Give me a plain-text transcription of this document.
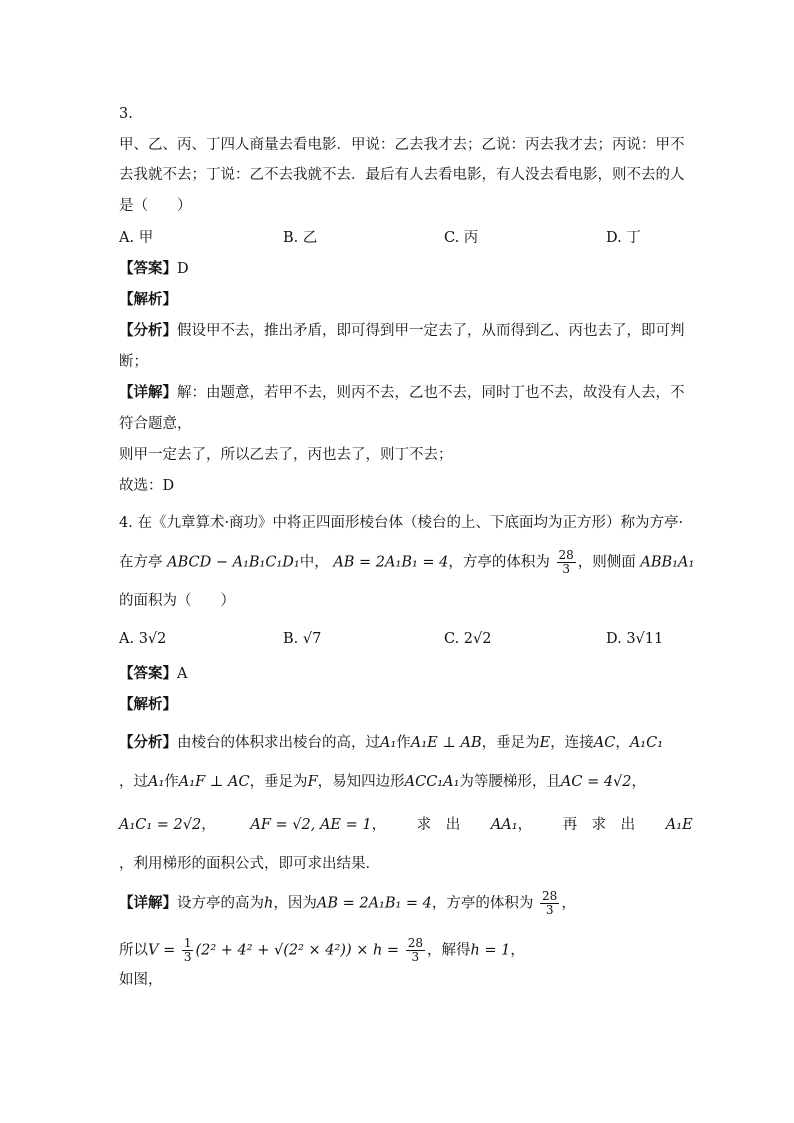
3.
甲、乙、丙、丁四人商量去看电影．甲说：乙去我才去；乙说：丙去我才去；丙说：甲不
去我就不去；丁说：乙不去我就不去．最后有人去看电影，有人没去看电影，则不去的人
是（　　）
A. 甲	B. 乙	C. 丙	D. 丁
【答案】D
【解析】
【分析】假设甲不去，推出矛盾，即可得到甲一定去了，从而得到乙、丙也去了，即可判
断；
【详解】解：由题意，若甲不去，则丙不去，乙也不去，同时丁也不去，故没有人去，不
符合题意，
则甲一定去了，所以乙去了，丙也去了，则丁不去；
故选：D
4. 在《九章算术·商功》中将正四面形棱台体（棱台的上、下底面均为正方形）称为方亭·
在方亭 ABCD − A₁B₁C₁D₁中， AB = 2A₁B₁ = 4，方亭的体积为 $\frac{28}{3}$ ，则侧面 ABB₁A₁
的面积为（　　）
A. 3√2	B. √7	C. 2√2	D. 3√11
【答案】A
【解析】
【分析】由棱台的体积求出棱台的高，过A₁作A₁E ⊥ AB，垂足为E，连接AC，A₁C₁
，过A₁作A₁F ⊥ AC，垂足为F，易知四边形ACC₁A₁为等腰梯形，且AC = 4√2，
A₁C₁ = 2√2， AF = √2, AE = 1， 求　出 AA₁， 再　求　出 A₁E
，利用梯形的面积公式，即可求出结果．
【详解】设方亭的高为h，因为AB = 2A₁B₁ = 4，方亭的体积为 $\frac{28}{3}$ ，
所以$V = \frac{1}{3} (2^2 + 4^2 + √(2^2 \times 4^2)) \times h = \frac{28}{3}$ ，解得h = 1，
如图，
